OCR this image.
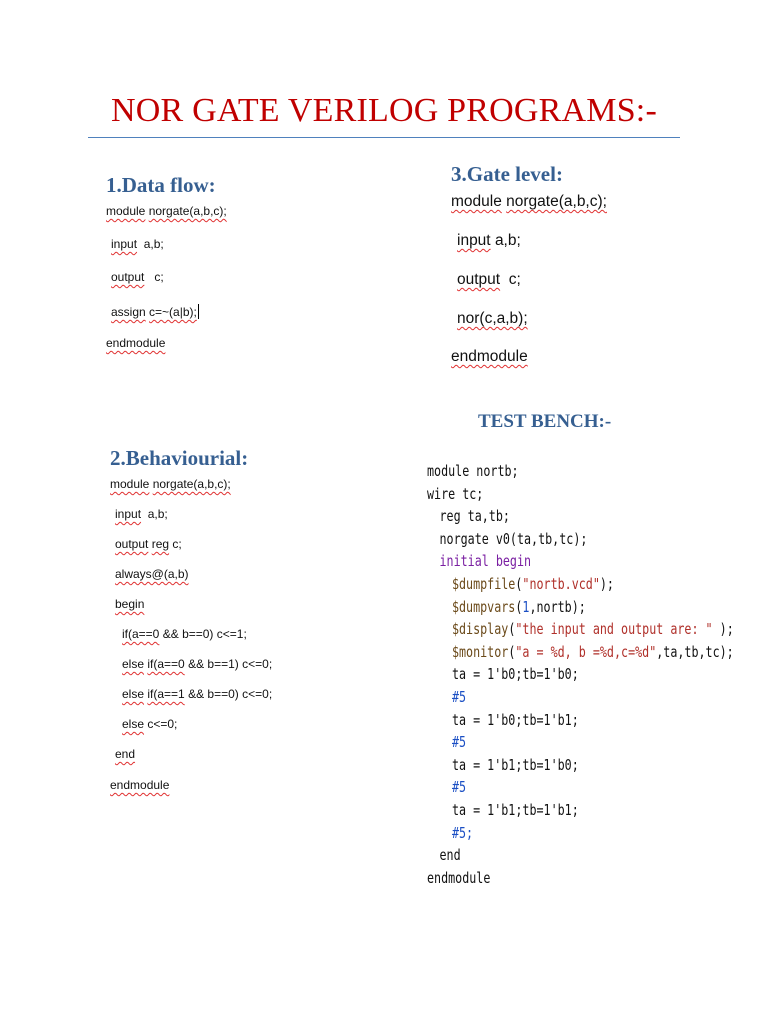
NOR GATE VERILOG PROGRAMS:-
1.Data flow:
module norgate(a,b,c);
input a,b;
output c;
assign c=~(a|b);
endmodule
3.Gate level:
module norgate(a,b,c);
input a,b;
output c;
nor(c,a,b);
endmodule
TEST BENCH:-
2.Behaviourial:
module norgate(a,b,c);
input a,b;
output reg c;
always@(a,b)
begin
if(a==0 && b==0) c<=1;
else if(a==0 && b==1) c<=0;
else if(a==1 && b==0) c<=0;
else c<=0;
end
endmodule
module nortb;
wire tc;
reg ta,tb;
norgate v0(ta,tb,tc);
initial begin
$dumpfile("nortb.vcd");
$dumpvars(1,nortb);
$display("the input and output are: " );
$monitor("a = %d, b =%d,c=%d",ta,tb,tc);
ta = 1'b0;tb=1'b0;
#5
ta = 1'b0;tb=1'b1;
#5
ta = 1'b1;tb=1'b0;
#5
ta = 1'b1;tb=1'b1;
#5;
end
endmodule
